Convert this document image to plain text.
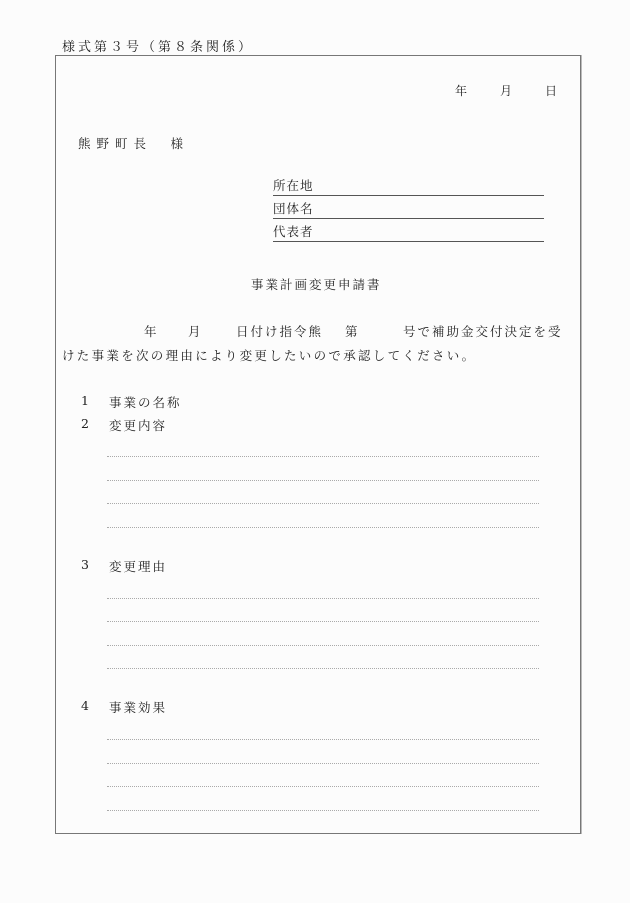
様式第３号（第８条関係）
年	月	日
熊野町長　様
所在地
団体名
代表者
事業計画変更申請書
年 月	日付け指令熊 第	号で補助金交付決定を受
けた事業を次の理由により変更したいので承認してください。
1 事業の名称
2 変更内容
3 変更理由
4 事業効果
